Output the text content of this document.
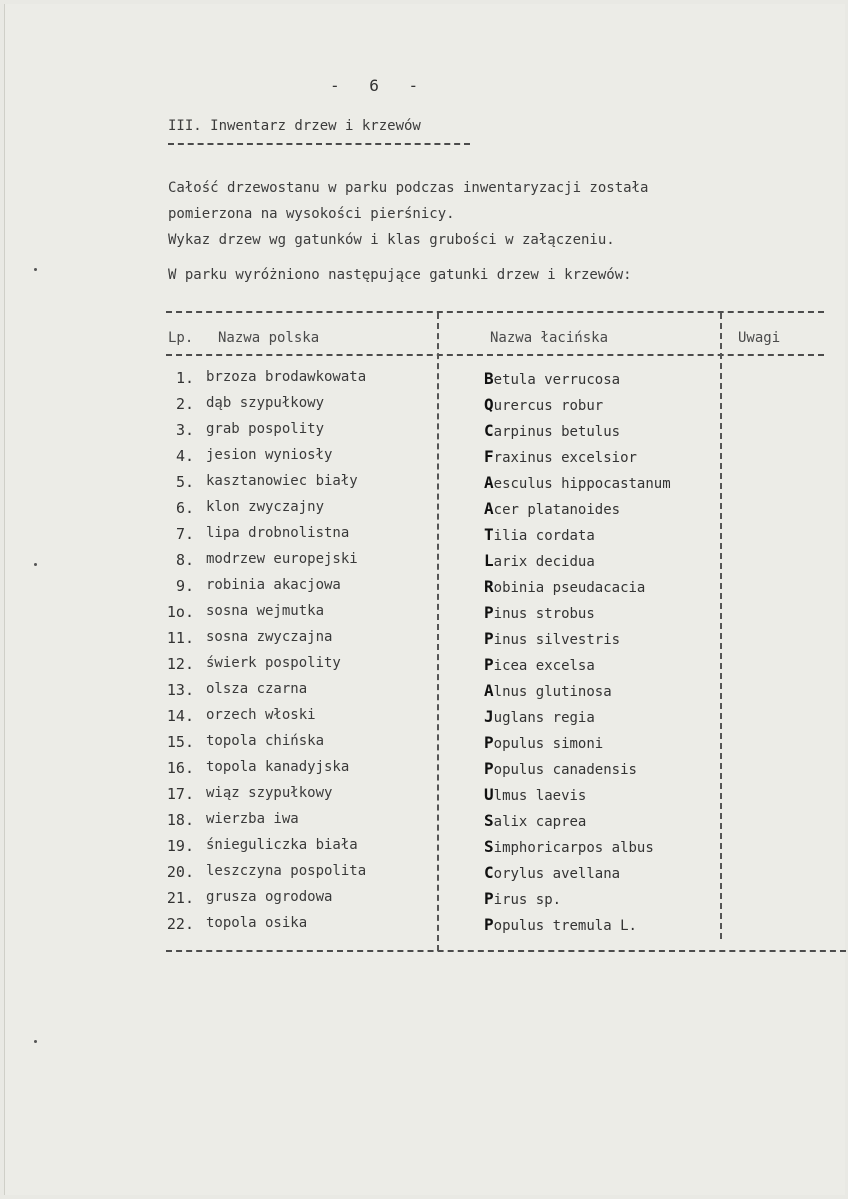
- 6 -
III. Inwentarz drzew i krzewów
Całość drzewostanu w parku podczas inwentaryzacji została
pomierzona na wysokości pierśnicy.
Wykaz drzew wg gatunków i klas grubości w załączeniu.
W parku wyróżniono następujące gatunki drzew i krzewów:
Lp. Nazwa polska	Nazwa łacińska	Uwagi
1. brzoza brodawkowata	Betula verrucosa
2. dąb szypułkowy	Qurercus robur
3. grab pospolity	Carpinus betulus
4. jesion wyniosły	Fraxinus excelsior
5. kasztanowiec biały	Aesculus hippocastanum
6. klon zwyczajny	Acer platanoides
7. lipa drobnolistna	Tilia cordata
8. modrzew europejski	Larix decidua
9. robinia akacjowa	Robinia pseudacacia
1o. sosna wejmutka	Pinus strobus
11. sosna zwyczajna	Pinus silvestris
12. świerk pospolity	Picea excelsa
13. olsza czarna	Alnus glutinosa
14. orzech włoski	Juglans regia
15. topola chińska	Populus simoni
16. topola kanadyjska	Populus canadensis
17. wiąz szypułkowy	Ulmus laevis
18. wierzba iwa	Salix caprea
19. śnieguliczka biała	Simphoricarpos albus
20. leszczyna pospolita	Corylus avellana
21. grusza ogrodowa	Pirus sp.
22. topola osika	Populus tremula L.
